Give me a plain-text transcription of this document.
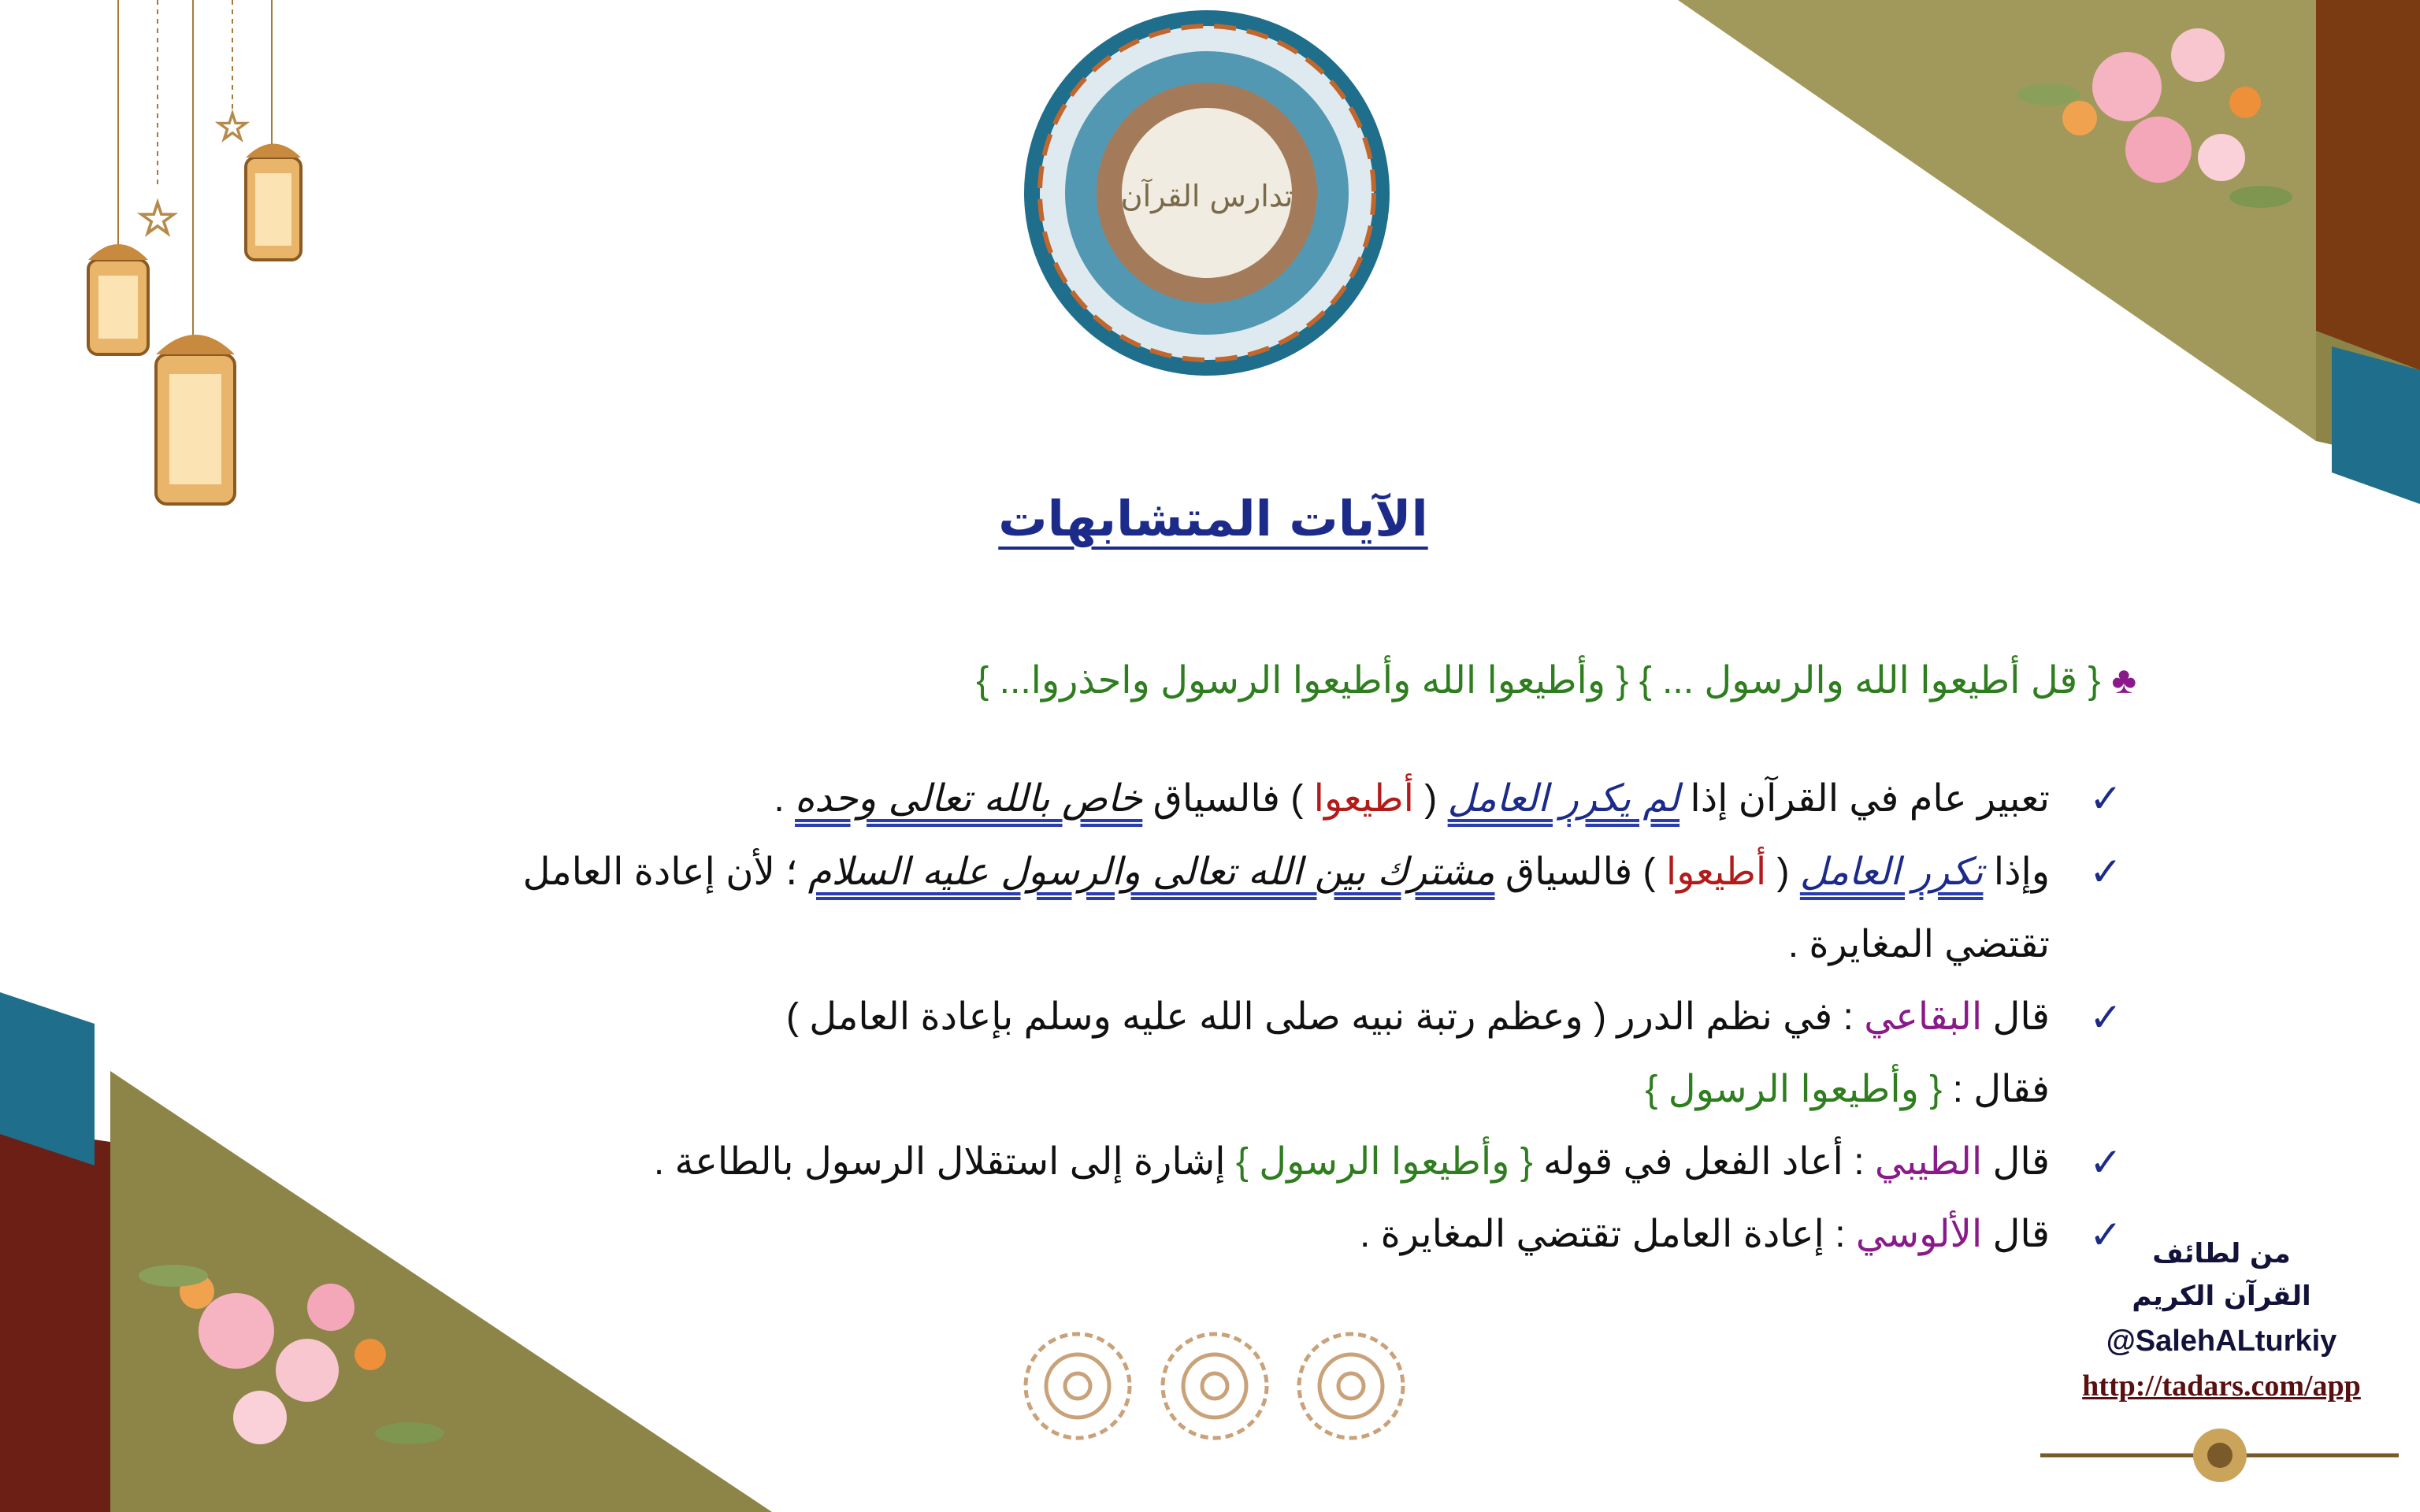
☆
☆
تدارس القرآن
الآيات المتشابهات
♣{ قل أطيعوا الله والرسول ... } { وأطيعوا الله وأطيعوا الرسول واحذروا... }
✓
تعبير عام في القرآن إذا لم يكرر العامل ( أطيعوا ) فالسياق خاص بالله تعالى وحده .
✓
وإذا تكرر العامل ( أطيعوا ) فالسياق مشترك بين الله تعالى والرسول عليه السلام ؛ لأن إعادة العامل
تقتضي المغايرة .
✓
قال البقاعي : في نظم الدرر ( وعظم رتبة نبيه صلى الله عليه وسلم بإعادة العامل )
فقال : { وأطيعوا الرسول }
✓
قال الطيبي : أعاد الفعل في قوله { وأطيعوا الرسول } إشارة إلى استقلال الرسول بالطاعة .
✓
قال الألوسي : إعادة العامل تقتضي المغايرة .	من لطائف
القرآن الكريم
@SalehALturkiy
http://tadars.com/app
